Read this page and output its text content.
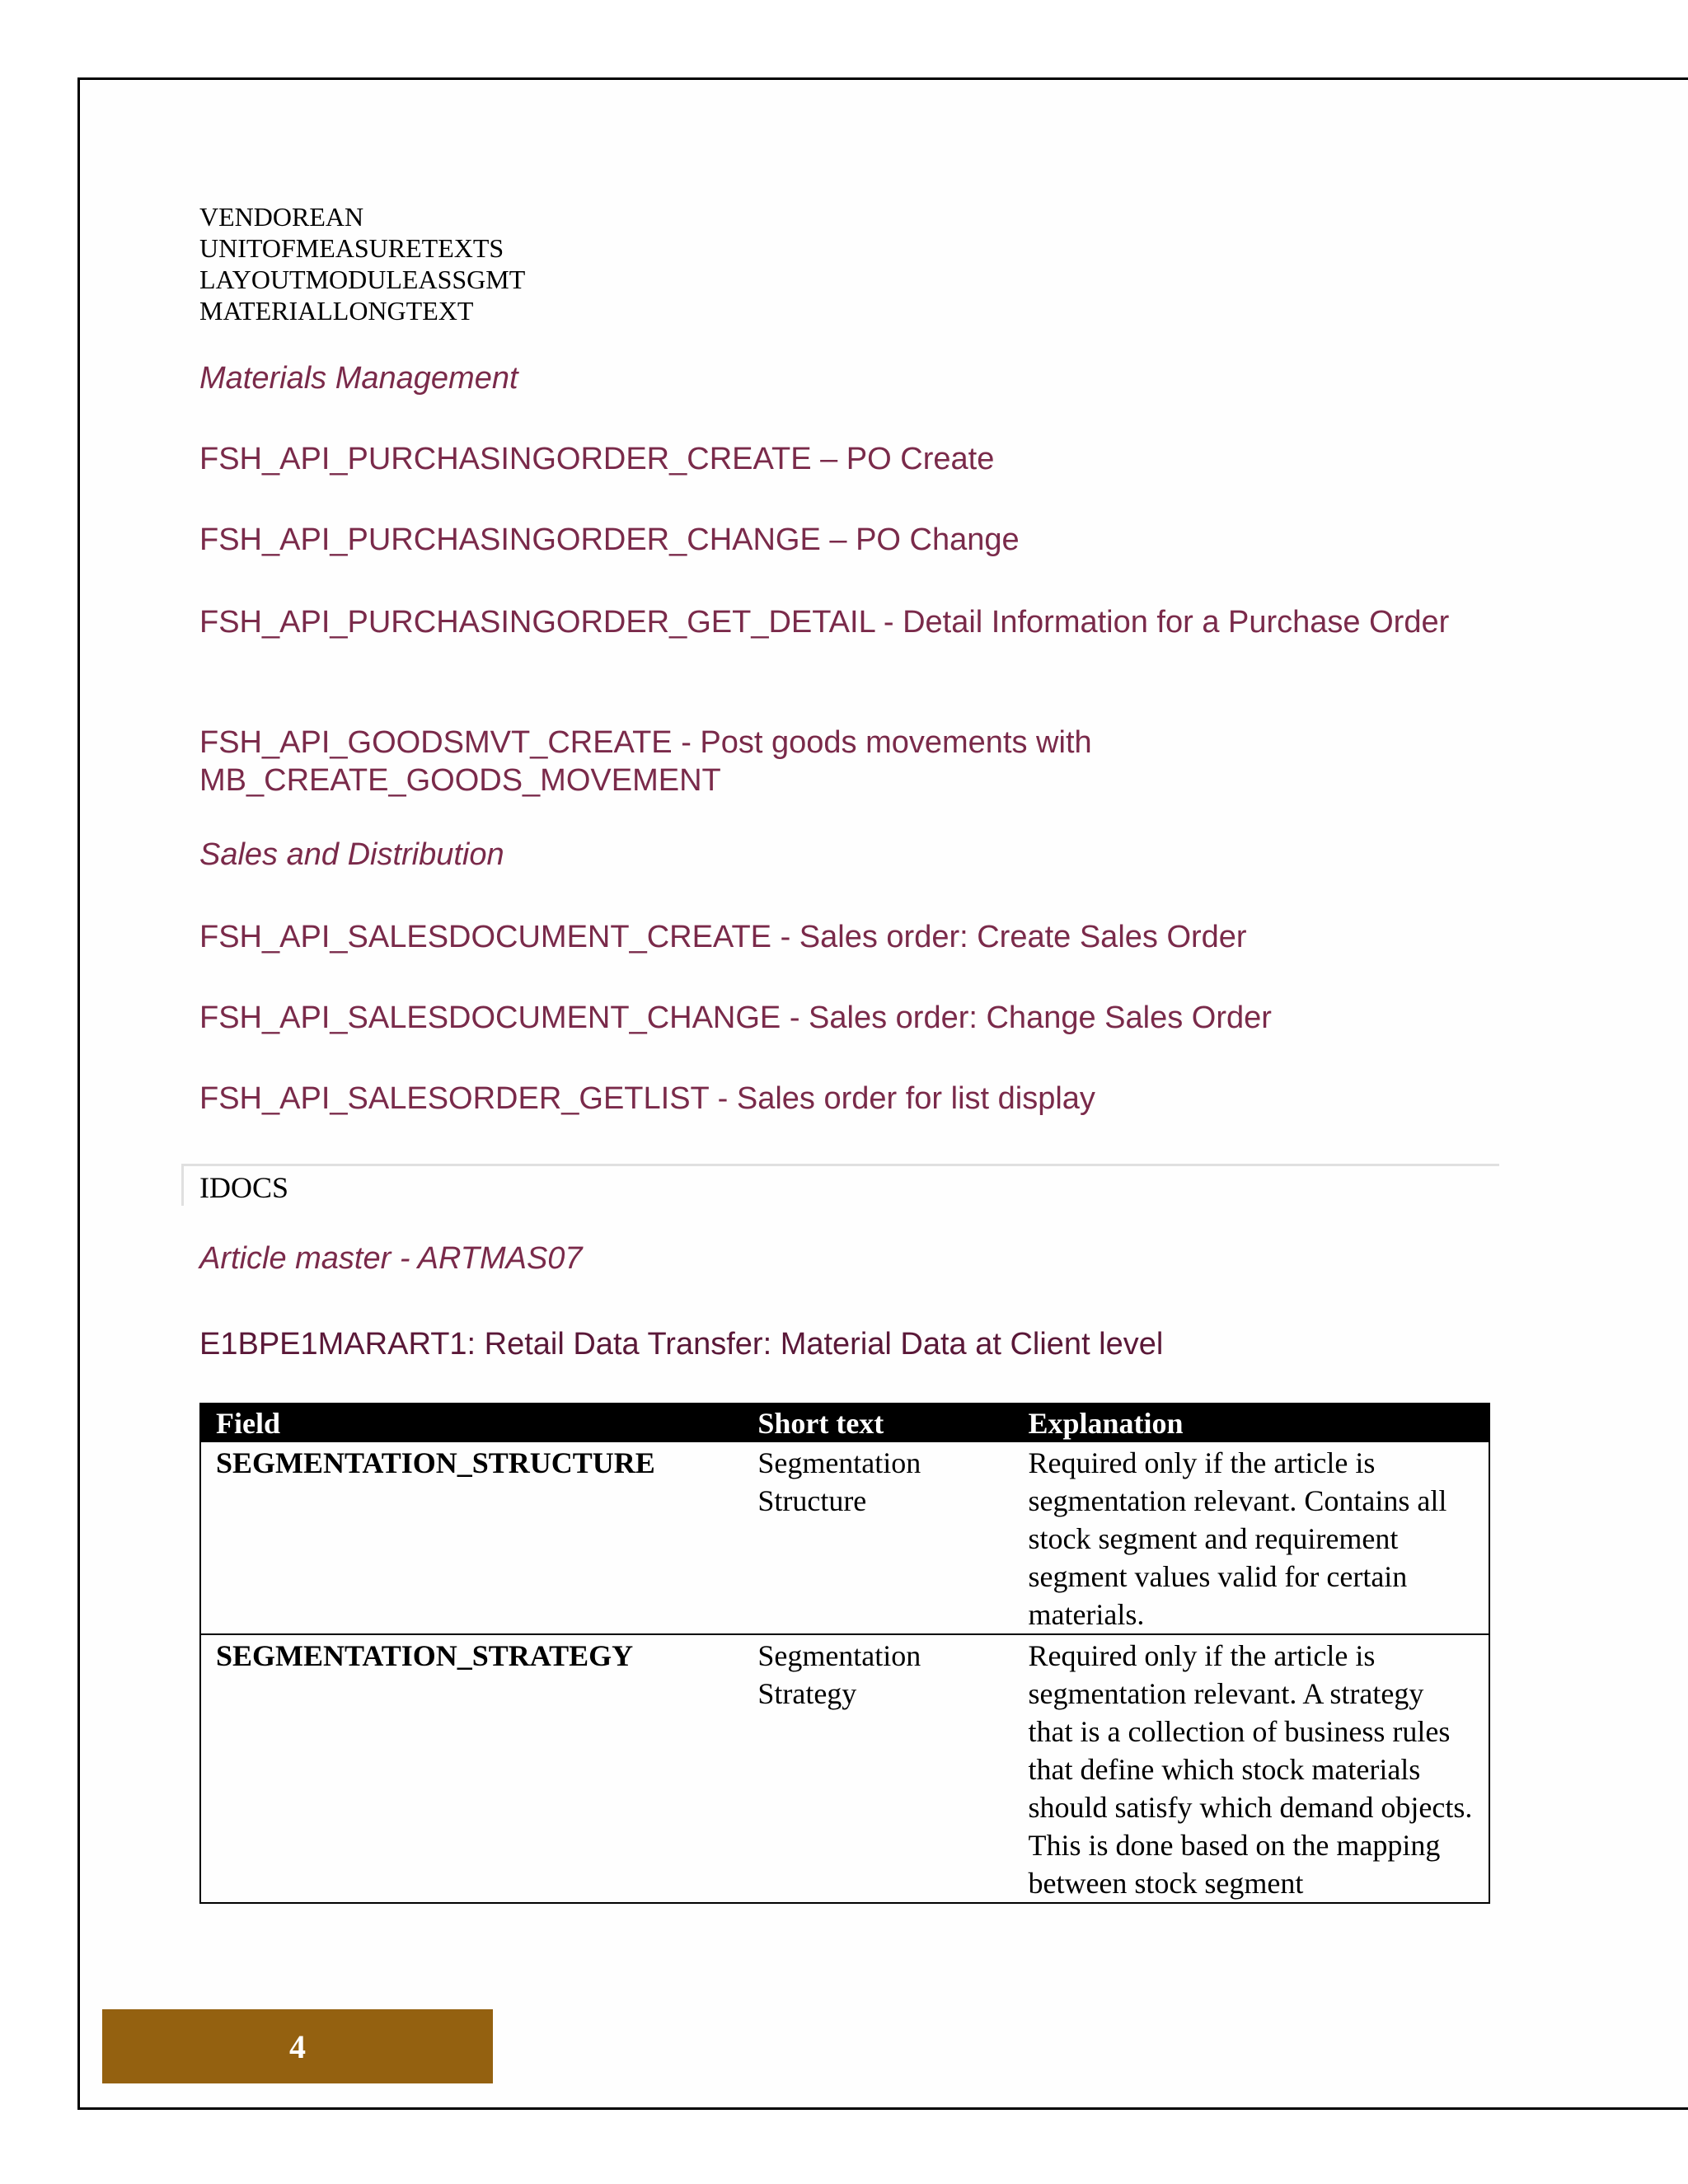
VENDOREAN
UNITOFMEASURETEXTS
LAYOUTMODULEASSGMT
MATERIALLONGTEXT
Materials Management
FSH_API_PURCHASINGORDER_CREATE – PO Create
FSH_API_PURCHASINGORDER_CHANGE – PO Change
FSH_API_PURCHASINGORDER_GET_DETAIL - Detail Information for a Purchase Order
FSH_API_GOODSMVT_CREATE - Post goods movements with MB_CREATE_GOODS_MOVEMENT
Sales and Distribution
FSH_API_SALESDOCUMENT_CREATE - Sales order: Create Sales Order
FSH_API_SALESDOCUMENT_CHANGE - Sales order: Change Sales Order
FSH_API_SALESORDER_GETLIST - Sales order for list display
IDOCS
Article master - ARTMAS07
E1BPE1MARART1: Retail Data Transfer: Material Data at Client level
Field	Short text	Explanation
SEGMENTATION_STRUCTURE	Segmentation Structure	Required only if the article is segmentation relevant. Contains all stock segment and requirement segment values valid for certain materials.
SEGMENTATION_STRATEGY	Segmentation Strategy	Required only if the article is segmentation relevant. A strategy that is a collection of business rules that define which stock materials should satisfy which demand objects. This is done based on the mapping between stock segment
4
